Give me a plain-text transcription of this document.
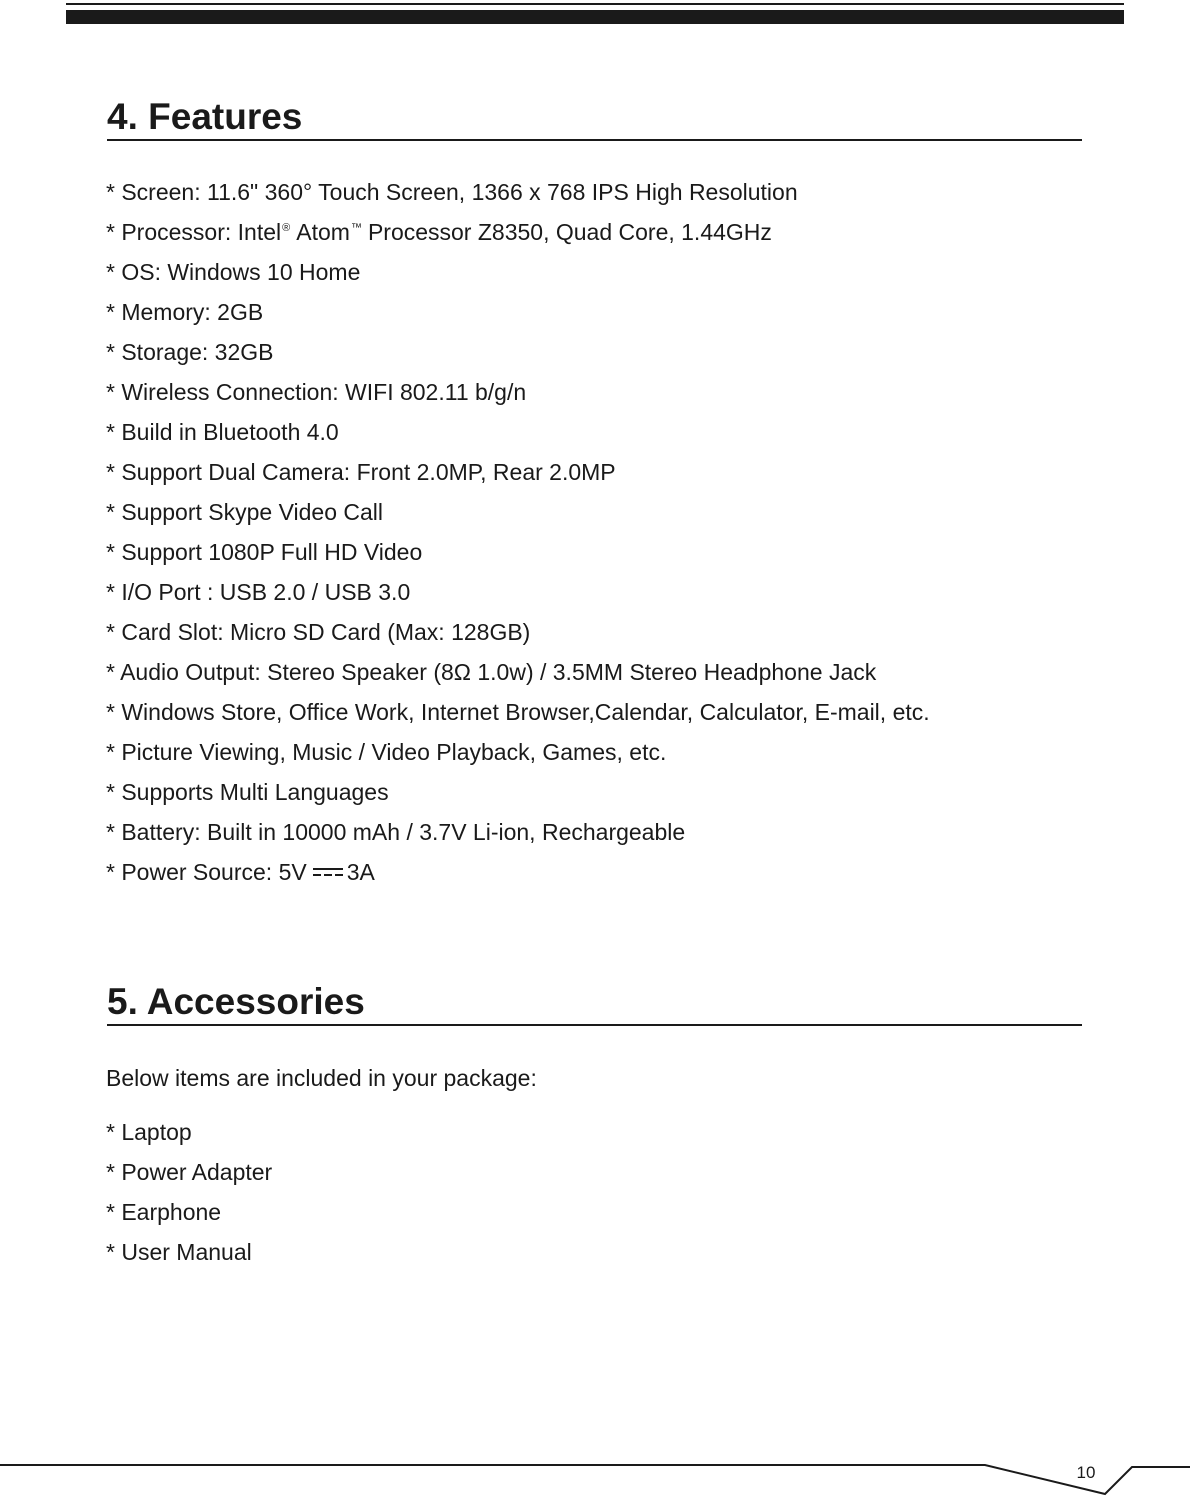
4. Features
* Screen: 11.6" 360° Touch Screen, 1366 x 768 IPS High Resolution
* Processor: Intel® Atom™ Processor Z8350, Quad Core, 1.44GHz
* OS: Windows 10 Home
* Memory: 2GB
* Storage: 32GB
* Wireless Connection: WIFI 802.11 b/g/n
* Build in Bluetooth 4.0
* Support Dual Camera: Front 2.0MP, Rear 2.0MP
* Support Skype Video Call
* Support 1080P Full HD Video
* I/O Port : USB 2.0 / USB 3.0
* Card Slot: Micro SD Card (Max: 128GB)
* Audio Output: Stereo Speaker (8Ω 1.0w) / 3.5MM Stereo Headphone Jack
* Windows Store, Office Work, Internet Browser,Calendar, Calculator, E-mail, etc.
* Picture Viewing, Music / Video Playback, Games, etc.
* Supports Multi Languages
* Battery: Built in 10000 mAh / 3.7V Li-ion, Rechargeable
* Power Source: 5V 3A
5. Accessories
Below items are included in your package:
* Laptop
* Power Adapter
* Earphone
* User Manual
10
